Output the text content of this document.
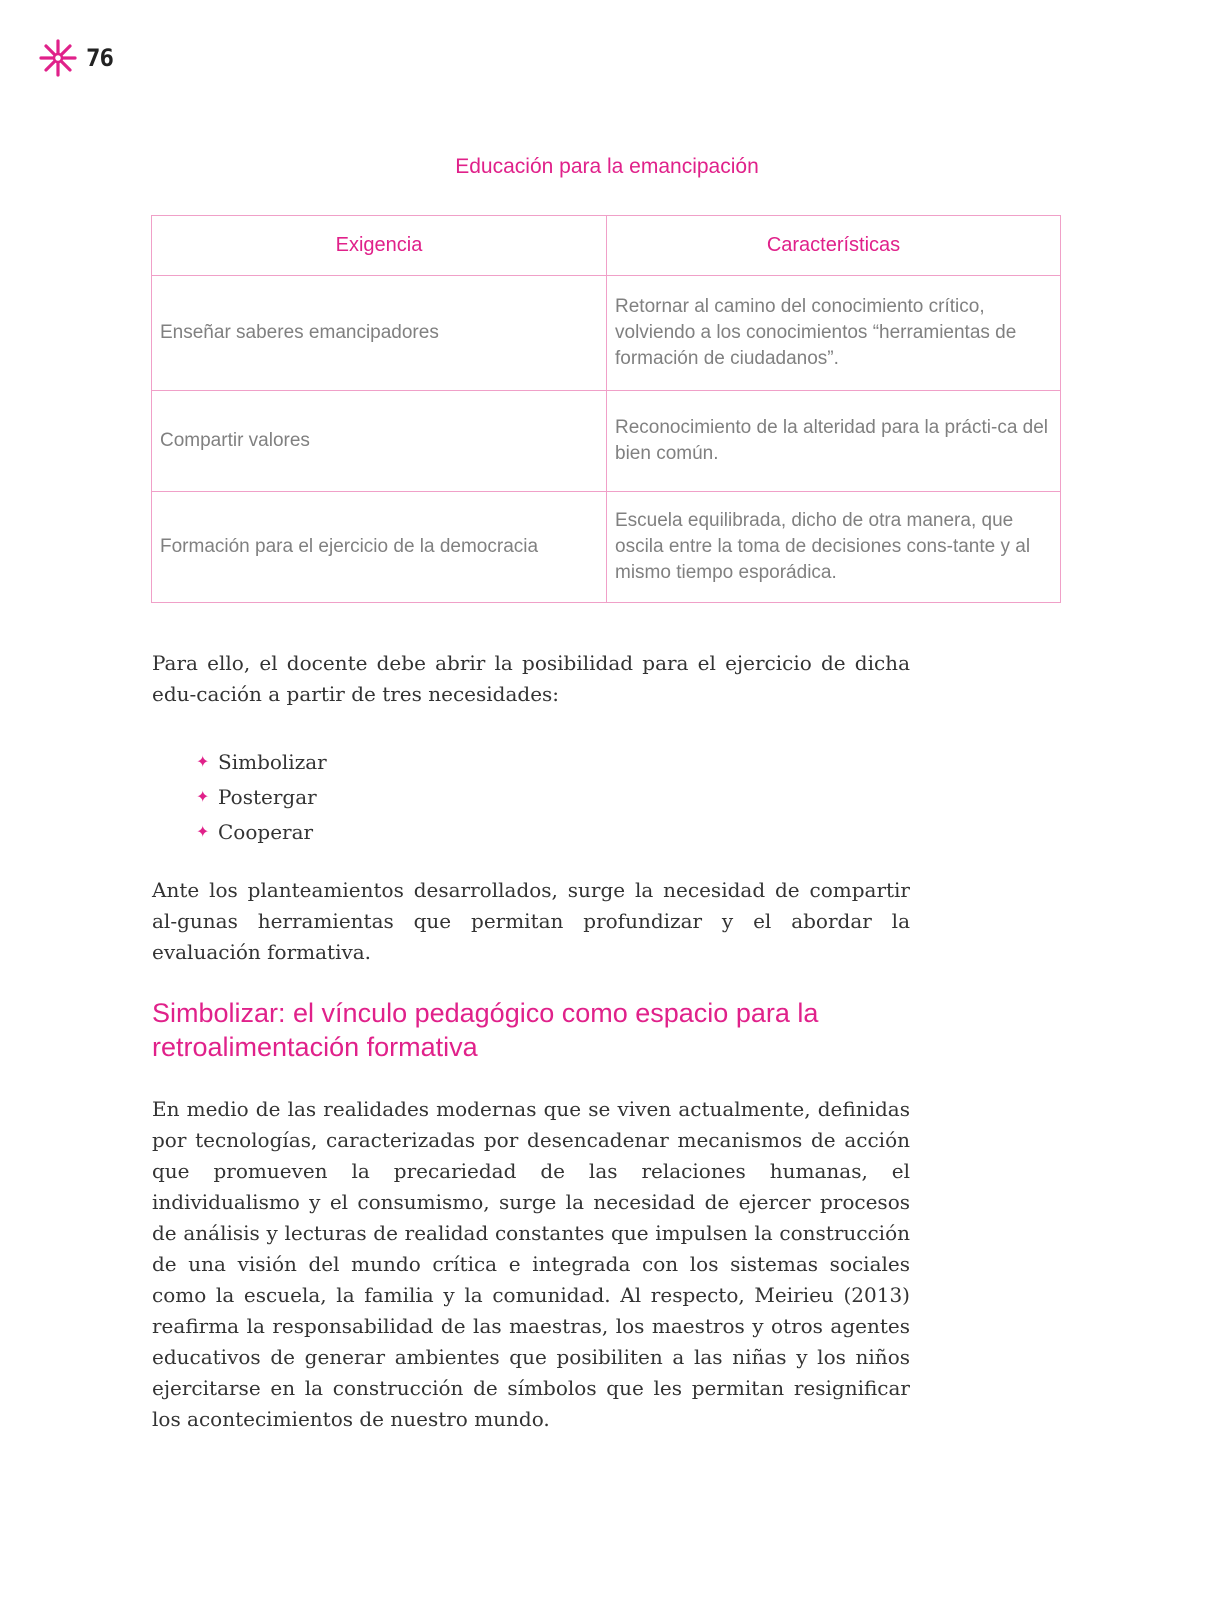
76
Educación para la emancipación
Exigencia	Características
Enseñar saberes emancipadores	Retornar al camino del conocimiento crítico, volviendo a los conocimientos “herramientas de formación de ciudadanos”.
Compartir valores	Reconocimiento de la alteridad para la prácti-ca del bien común.
Formación para el ejercicio de la democracia	Escuela equilibrada, dicho de otra manera, que oscila entre la toma de decisiones cons-tante y al mismo tiempo esporádica.

Para ello, el docente debe abrir la posibilidad para el ejercicio de dicha edu-cación a partir de tres necesidades:

✦ Simbolizar
✦ Postergar
✦ Cooperar

Ante los planteamientos desarrollados, surge la necesidad de compartir al-gunas herramientas que permitan profundizar y el abordar la evaluación formativa.

Simbolizar: el vínculo pedagógico como espacio para la retroalimentación formativa

En medio de las realidades modernas que se viven actualmente, definidas por tecnologías, caracterizadas por desencadenar mecanismos de acción que promueven la precariedad de las relaciones humanas, el individualismo y el consumismo, surge la necesidad de ejercer procesos de análisis y lecturas de realidad constantes que impulsen la construcción de una visión del mundo crítica e integrada con los sistemas sociales como la escuela, la familia y la comunidad. Al respecto, Meirieu (2013) reafirma la responsabilidad de las maestras, los maestros y otros agentes educativos de generar ambientes que posibiliten a las niñas y los niños ejercitarse en la construcción de símbolos que les permitan resignificar los acontecimientos de nuestro mundo.
